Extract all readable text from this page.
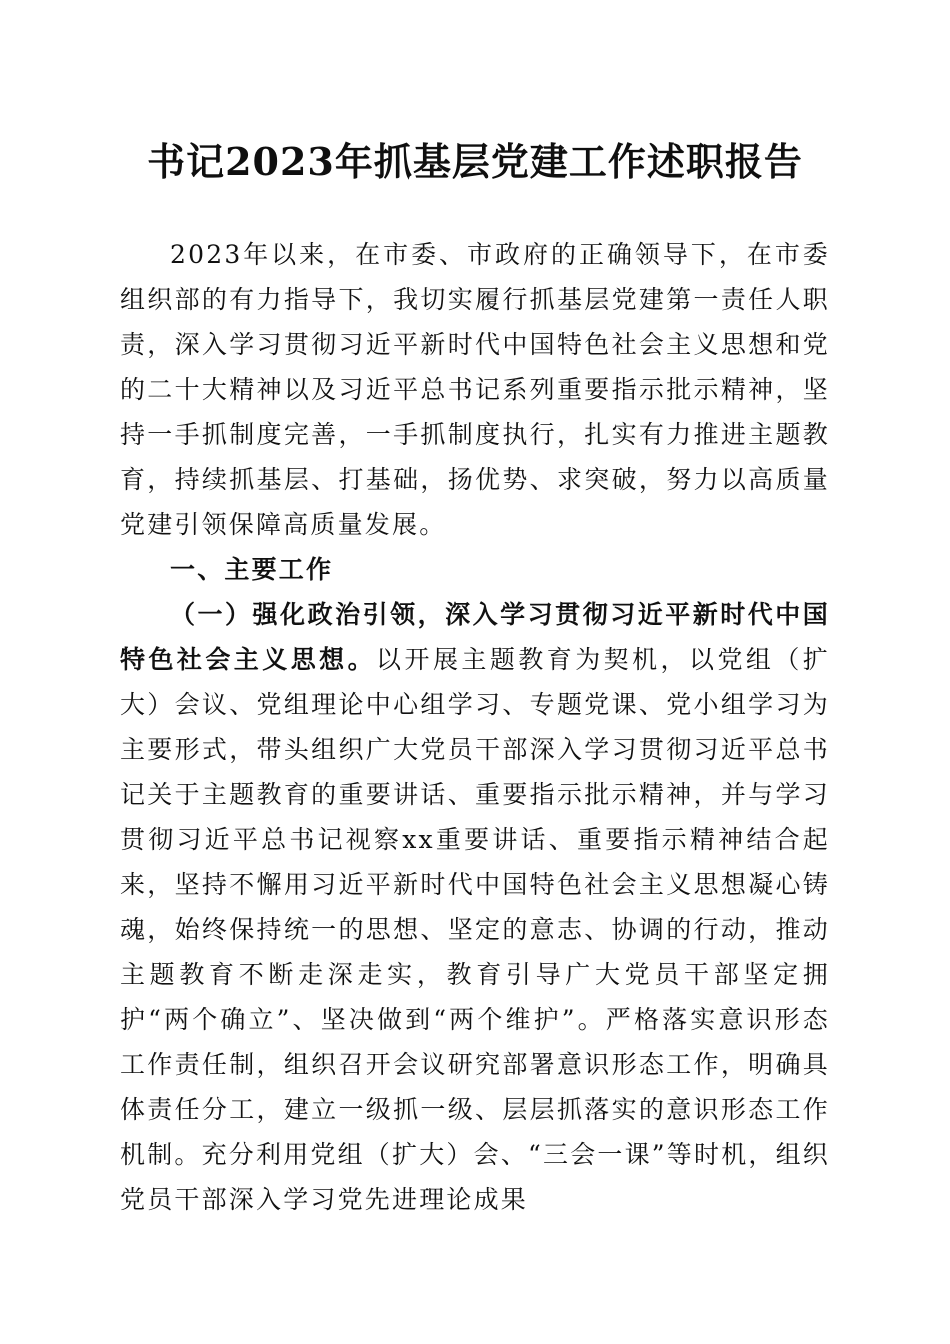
书记2023年抓基层党建工作述职报告

2023年以来，在市委、市政府的正确领导下，在市委组织部的有力指导下，我切实履行抓基层党建第一责任人职责，深入学习贯彻习近平新时代中国特色社会主义思想和党的二十大精神以及习近平总书记系列重要指示批示精神，坚持一手抓制度完善，一手抓制度执行，扎实有力推进主题教育，持续抓基层、打基础，扬优势、求突破，努力以高质量党建引领保障高质量发展。

一、主要工作

（一）强化政治引领，深入学习贯彻习近平新时代中国特色社会主义思想。以开展主题教育为契机，以党组（扩大）会议、党组理论中心组学习、专题党课、党小组学习为主要形式，带头组织广大党员干部深入学习贯彻习近平总书记关于主题教育的重要讲话、重要指示批示精神，并与学习贯彻习近平总书记视察xx重要讲话、重要指示精神结合起来，坚持不懈用习近平新时代中国特色社会主义思想凝心铸魂，始终保持统一的思想、坚定的意志、协调的行动，推动主题教育不断走深走实，教育引导广大党员干部坚定拥护“两个确立”、坚决做到“两个维护”。严格落实意识形态工作责任制，组织召开会议研究部署意识形态工作，明确具体责任分工，建立一级抓一级、层层抓落实的意识形态工作机制。充分利用党组（扩大）会、“三会一课”等时机，组织党员干部深入学习党先进理论成果
